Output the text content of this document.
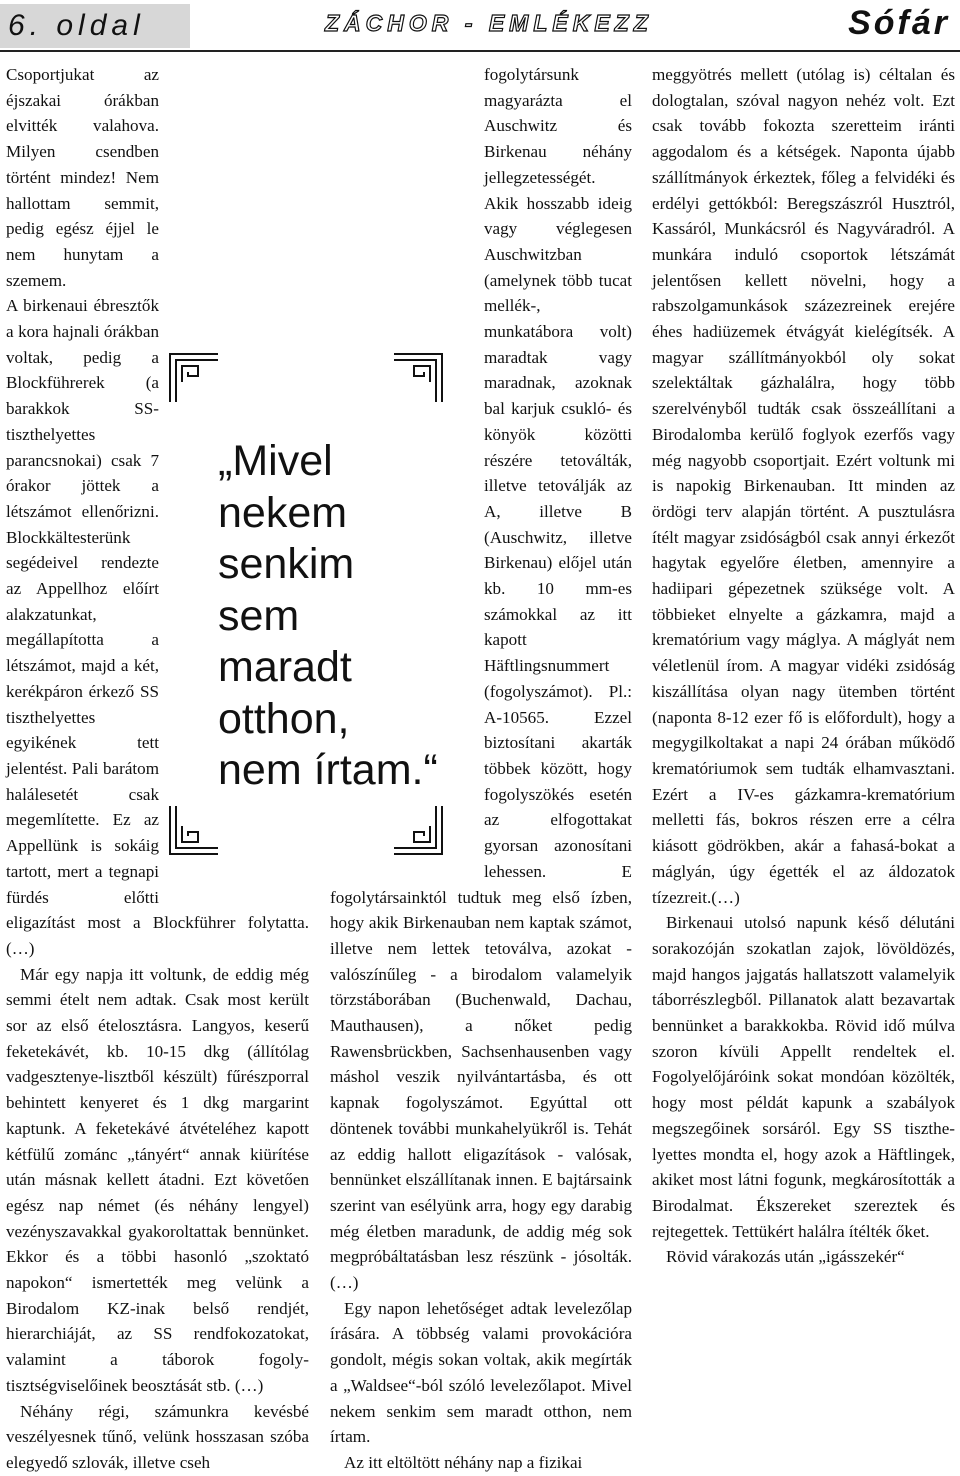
6. oldal	ZÁCHOR - EMLÉKEZZ	Sófár

Csoportjukat az éjszakai órákban elvitték valahova. Milyen csendben történt mindez! Nem hallottam semmit, pedig egész éjjel le nem hunytam a szemem.

A birkenaui ébresztők a kora hajnali órákban voltak, pedig a Blockführerek (a barakkok SS-tiszthelyettes parancsnokai) csak 7 órakor jöttek a létszámot ellenőrizni. Blockkältesterünk segédeivel rendezte az Appellhoz előírt alakzatunkat, megállapította a létszámot, majd a két, kerékpáron érkező SS tiszthelyettes egyikének tett jelentést. Pali barátom halálesetét csak megemlítette. Ez az Appellünk is sokáig tartott, mert a tegnapi fürdés előtti eligazítást most a Blockführer folytatta. (…)

Már egy napja itt voltunk, de eddig még semmi ételt nem adtak. Csak most került sor az első ételosztásra. Langyos, keserű feketekávét, kb. 10-15 dkg (állítólag vadgesztenye-lisztből készült) fűrészporral behintett kenyeret és 1 dkg margarint kaptunk. A feketekávé átvételéhez kapott kétfülű zománc „tányért“ annak kiürítése után másnak kellett átadni. Ezt követően egész nap német (és néhány lengyel) vezényszavakkal gyakoroltattak bennünket. Ekkor és a többi hasonló „szoktató napokon“ ismertették meg velünk a Birodalom KZ-inak belső rendjét, hierarchiáját, az SS rendfokozatokat, valamint a táborok fogoly-tisztségviselőinek beosztását stb. (…)

Néhány régi, számunkra kevésbé veszélyesnek tűnő, velünk hosszasan szóba elegyedő szlovák, illetve cseh

fogolytársunk magyarázta el Auschwitz és Birkenau néhány jellegzetességét. Akik hosszabb ideig vagy véglegesen Auschwitzban (amelynek több tucat mellék-, munkatábora volt) maradtak vagy maradnak, azoknak bal karjuk csukló- és könyök közötti részére tetoválták, illetve tetoválják az A, illetve B (Auschwitz, illetve Birkenau) előjel után kb. 10 mm-es számokkal az itt kapott Häftlingsnummert (fogolyszámot). Pl.: A-10565. Ezzel biztosítani akarták többek között, hogy fogolyszökés esetén az elfogottakat gyorsan azonosítani lehessen. E fogolytársainktól tudtuk meg első ízben, hogy akik Birkenauban nem kaptak számot, illetve nem lettek tetoválva, azokat - valószínűleg - a birodalom valamelyik törzstáborában (Buchenwald, Dachau, Mauthausen), a nőket pedig Rawensbrückben, Sachsenhausenben vagy máshol veszik nyilvántartásba, és ott kapnak fogolyszámot. Egyúttal ott döntenek további munkahelyükről is. Tehát az eddig hallott eligazítások - valósak, bennünket elszállítanak innen. E bajtársaink szerint van esélyünk arra, hogy egy darabig még életben maradunk, de addig még sok megpróbáltatásban lesz részünk - jósolták. (…)

Egy napon lehetőséget adtak levelezőlap írására. A többség valami provokációra gondolt, mégis sokan voltak, akik megírták a „Waldsee“-ból szóló levelezőlapot. Mivel nekem senkim sem maradt otthon, nem írtam.

Az itt eltöltött néhány nap a fizikai

meggyötrés mellett (utólag is) céltalan és dologtalan, szóval nagyon nehéz volt. Ezt csak tovább fokozta szeretteim iránti aggodalom és a kétségek. Naponta újabb szállítmányok érkeztek, főleg a felvidéki és erdélyi gettókból: Beregszászról Husztról, Kassáról, Munkácsról és Nagyváradról. A munkára induló csoportok létszámát jelentősen kellett növelni, hogy a rabszolgamunkások százezreinek erejére éhes hadiüzemek étvágyát kielégítsék. A magyar szállítmányokból oly sokat szelektáltak gázhalálra, hogy több szerelvényből tudták csak összeállítani a Birodalomba kerülő foglyok ezerfős vagy még nagyobb csoportjait. Ezért voltunk mi is napokig Birkenauban. Itt minden az ördögi terv alapján történt. A pusztulásra ítélt magyar zsidóságból csak annyi érkezőt hagytak egyelőre életben, amennyire a hadiipari gépezetnek szüksége volt. A többieket elnyelte a gázkamra, majd a krematórium vagy máglya. A máglyát nem véletlenül írom. A magyar vidéki zsidóság kiszállítása olyan nagy ütemben történt (naponta 8-12 ezer fő is előfordult), hogy a megygilkoltakat a napi 24 órában működő krematóriumok sem tudták elhamvasztani. Ezért a IV-es gázkamra-krematórium melletti fás, bokros részen erre a célra kiásott gödrökben, akár a fahasá-bokat a máglyán, úgy égették el az áldozatok tízezreit.(…)

Birkenaui utolsó napunk késő délutáni sorakozóján szokatlan zajok, lövöldözés, majd hangos jajgatás hallatszott valamelyik táborrészlegből. Pillanatok alatt bezavartak bennünket a barakkokba. Rövid idő múlva szoron kívüli Appellt rendeltek el. Fogolyelőjáróink sokat mondóan közölték, hogy most példát kapunk a szabályok megszegőinek sorsáról. Egy SS tiszthe-lyettes mondta el, hogy azok a Häftlingek, akiket most látni fogunk, megkárosították a Birodalmat. Ékszereket szereztek és rejtegettek. Tettükért halálra ítélték őket.

Rövid várakozás után „igásszekér“

„Mivel nekem senkim sem maradt otthon, nem írtam.“
